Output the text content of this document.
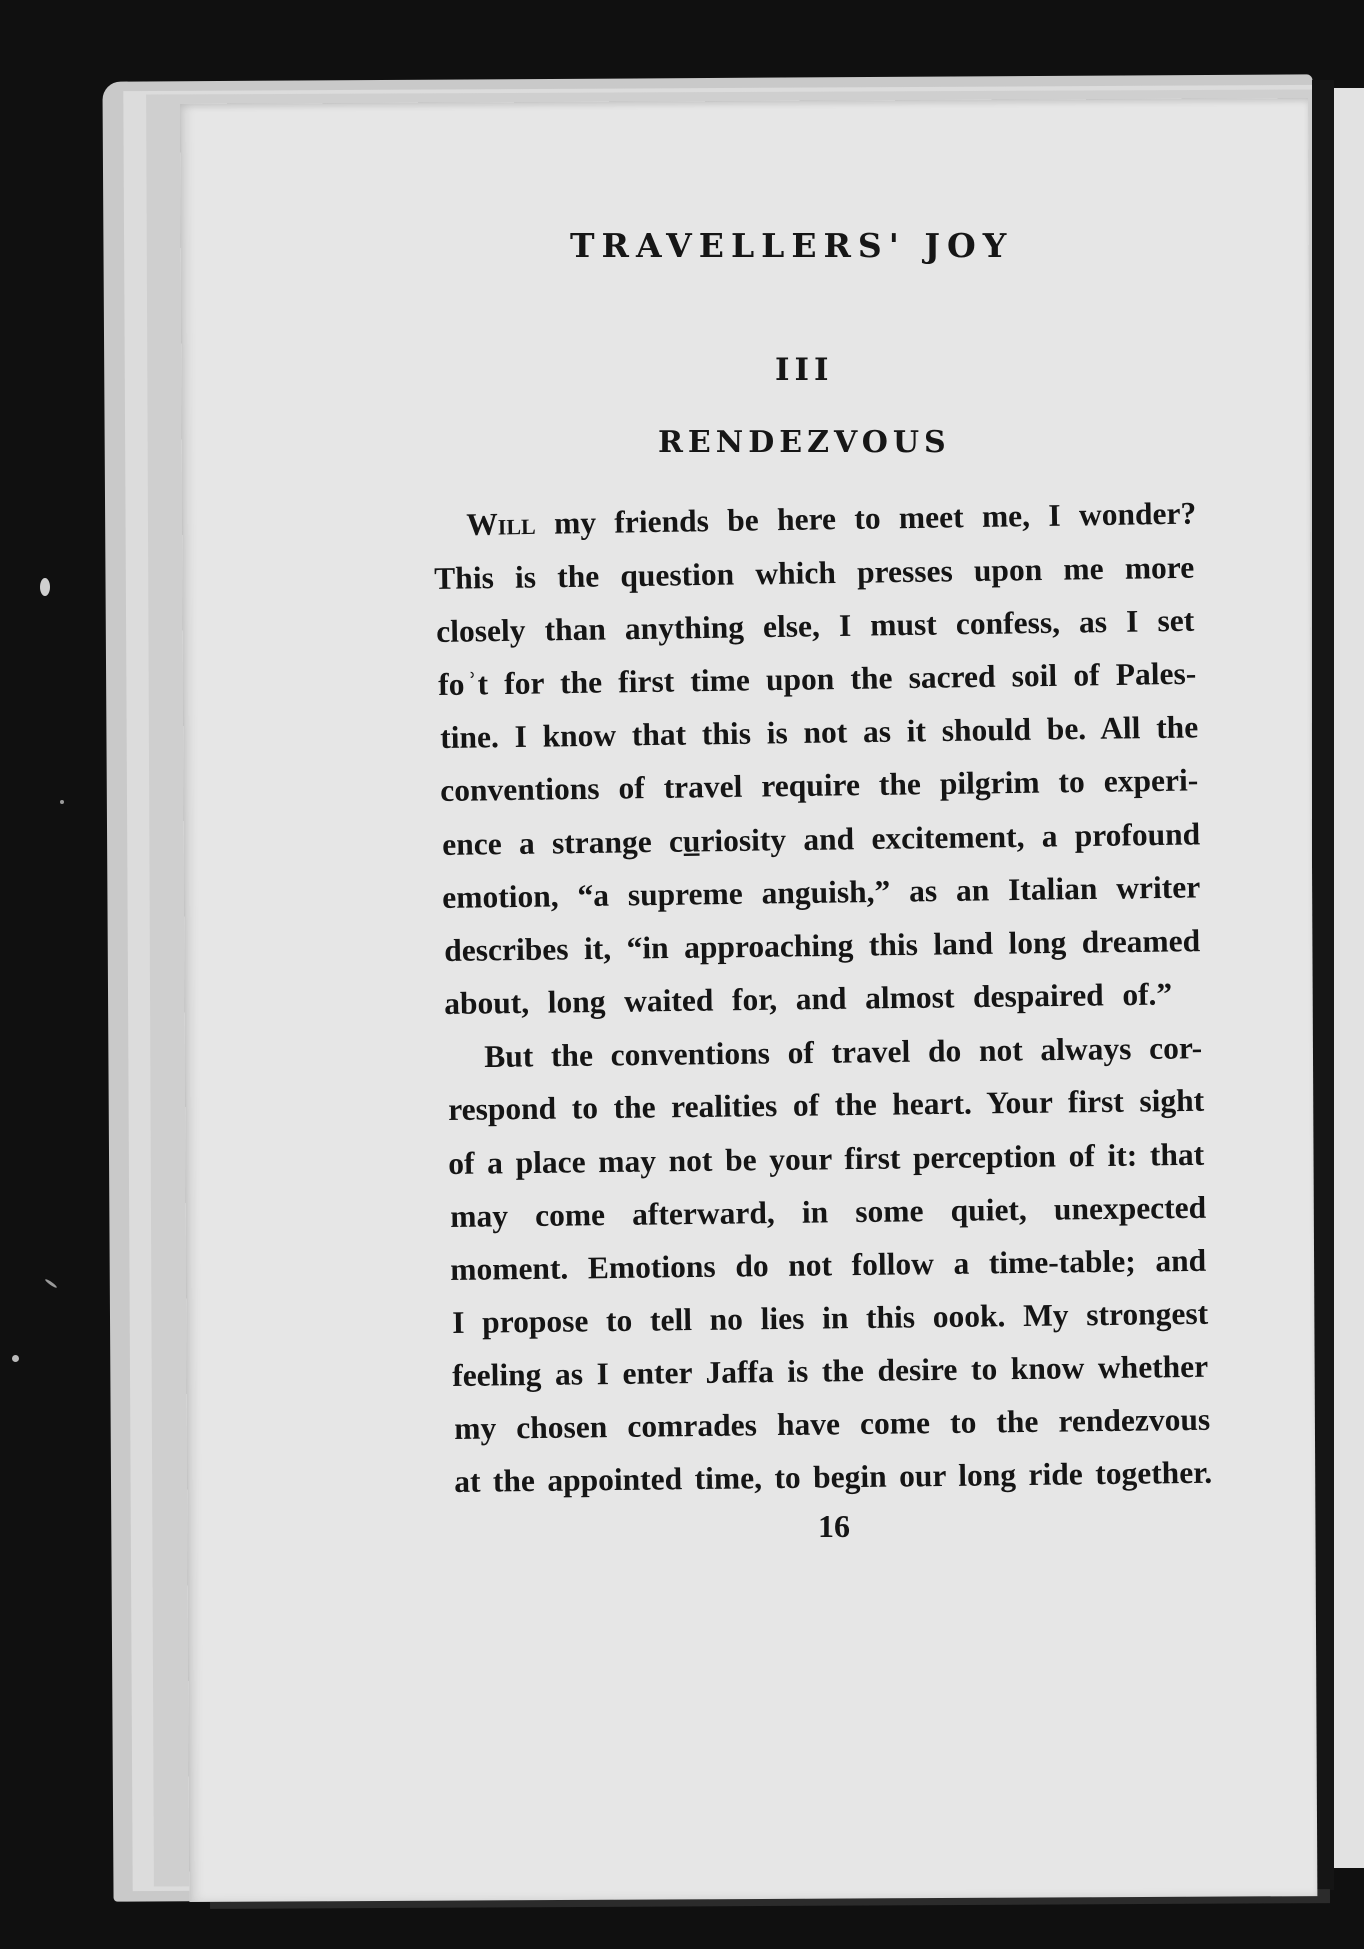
TRAVELLERS' JOY
III
RENDEZVOUS
Will my friends be here to meet me, I wonder?
This is the question which presses upon me more
closely than anything else, I must confess, as I set
fo ʾt for the first time upon the sacred soil of Pales-
tine. I know that this is not as it should be. All the
conventions of travel require the pilgrim to experi-
ence a strange cu̲riosity and excitement, a profound
emotion, “a supreme anguish,” as an Italian writer
describes it, “in approaching this land long dreamed
about, long waited for, and almost despaired of.”
But the conventions of travel do not always cor-
respond to the realities of the heart. Your first sight
of a place may not be your first perception of it: that
may come afterward, in some quiet, unexpected
moment. Emotions do not follow a time-table; and
I propose to tell no lies in this ᴏook. My strongest
feeling as I enter Jaffa is the desire to know whether
my chosen comrades have come to the rendezvous
at the appointed time, to begin our long ride together.
16
